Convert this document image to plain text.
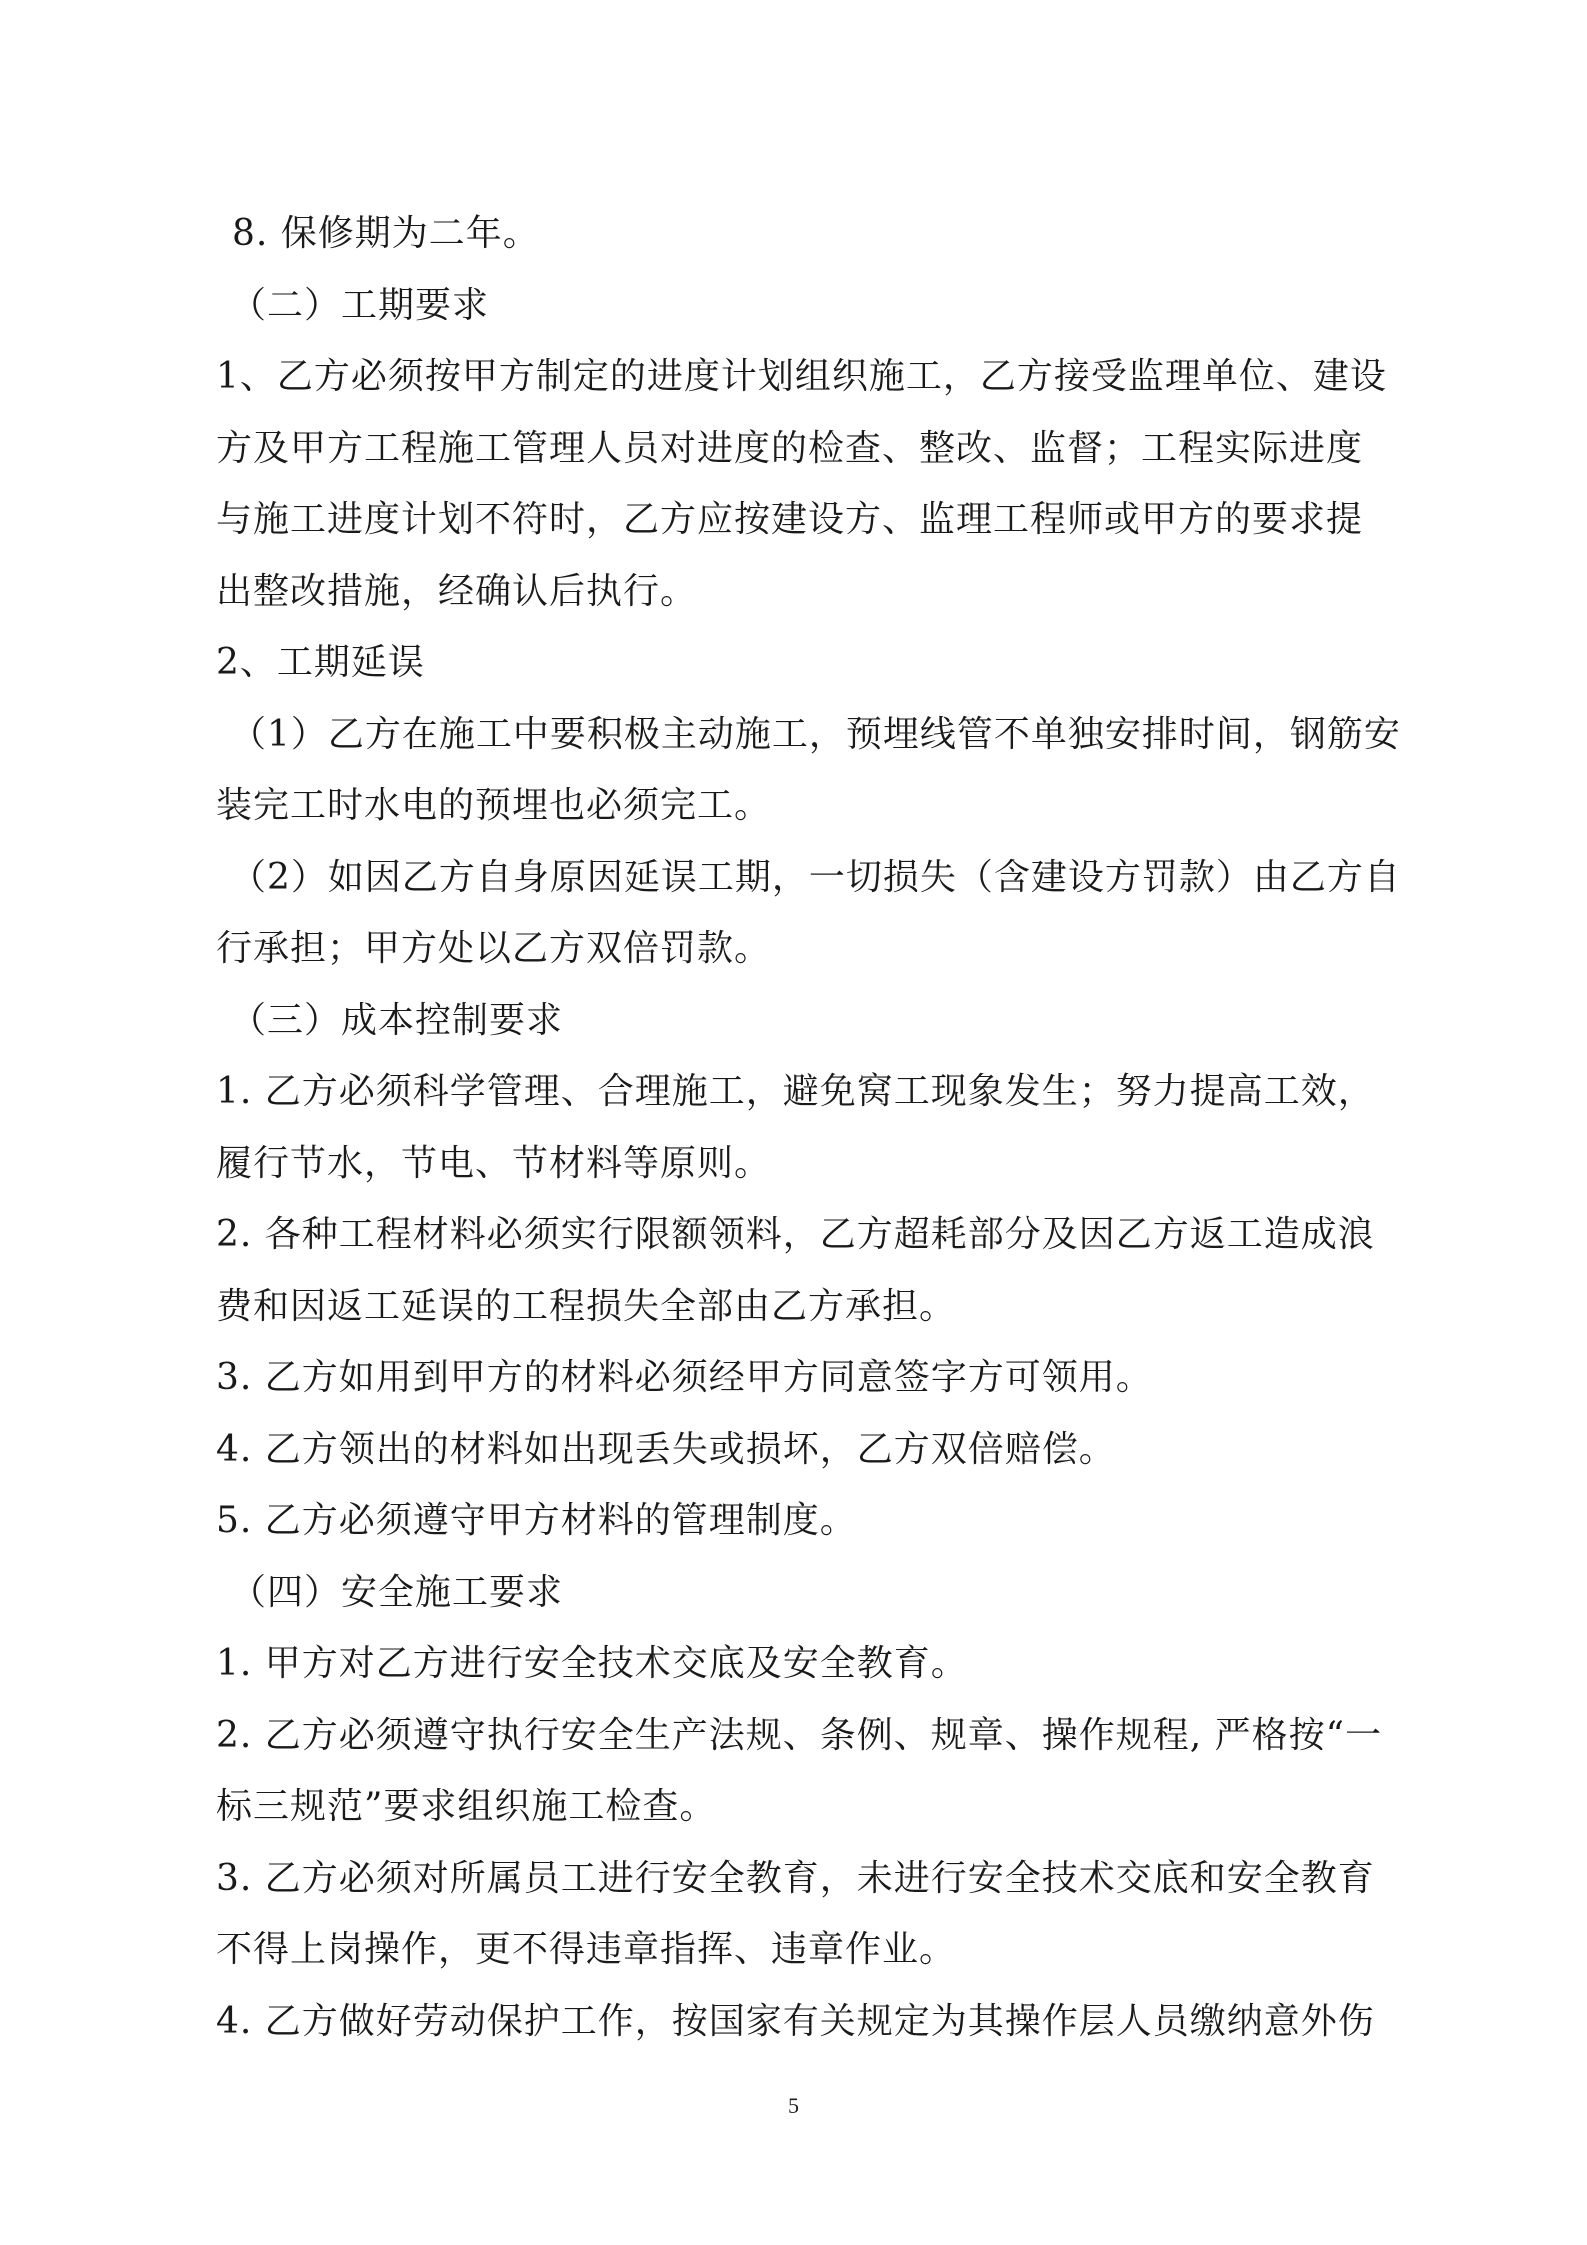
8. 保修期为二年。
（二）工期要求
1、乙方必须按甲方制定的进度计划组织施工，乙方接受监理单位、建设
方及甲方工程施工管理人员对进度的检查、整改、监督；工程实际进度
与施工进度计划不符时，乙方应按建设方、监理工程师或甲方的要求提
出整改措施，经确认后执行。
2、工期延误
（1）乙方在施工中要积极主动施工，预埋线管不单独安排时间，钢筋安
装完工时水电的预埋也必须完工。
（2）如因乙方自身原因延误工期，一切损失（含建设方罚款）由乙方自
行承担；甲方处以乙方双倍罚款。
（三）成本控制要求
1. 乙方必须科学管理、合理施工，避免窝工现象发生；努力提高工效，
履行节水，节电、节材料等原则。
2. 各种工程材料必须实行限额领料，乙方超耗部分及因乙方返工造成浪
费和因返工延误的工程损失全部由乙方承担。
3. 乙方如用到甲方的材料必须经甲方同意签字方可领用。
4. 乙方领出的材料如出现丢失或损坏，乙方双倍赔偿。
5. 乙方必须遵守甲方材料的管理制度。
（四）安全施工要求
1. 甲方对乙方进行安全技术交底及安全教育。
2. 乙方必须遵守执行安全生产法规、条例、规章、操作规程, 严格按“一
标三规范”要求组织施工检查。
3. 乙方必须对所属员工进行安全教育，未进行安全技术交底和安全教育
不得上岗操作，更不得违章指挥、违章作业。
4. 乙方做好劳动保护工作，按国家有关规定为其操作层人员缴纳意外伤
5
